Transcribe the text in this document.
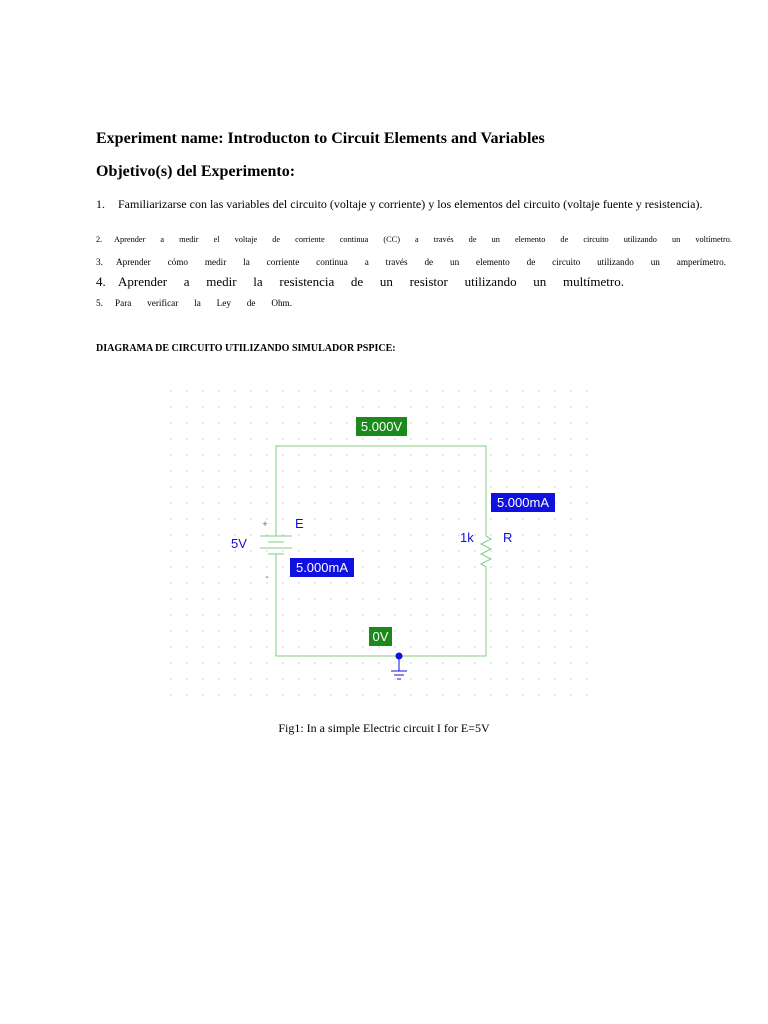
Experiment name: Introducton to Circuit Elements and Variables
Objetivo(s) del Experimento:
1.	Familiarizarse con las variables del circuito (voltaje y corriente) y los elementos del circuito (voltaje fuente y resistencia).
2.	Aprender a medir el voltaje de corriente continua (CC) a través de un elemento de circuito utilizando un voltímetro.
3.	Aprender cómo medir la corriente continua a través de un elemento de circuito utilizando un amperímetro.
4. Aprender a medir la resistencia de un resistor utilizando un multímetro.
5.	Para verificar la Ley de Ohm.
DIAGRAMA DE CIRCUITO UTILIZANDO SIMULADOR PSPICE:
+
-
E
5V	1k R
5.000V
5.000mA
5.000mA
0V

Fig1: In a simple Electric circuit I for E=5V
